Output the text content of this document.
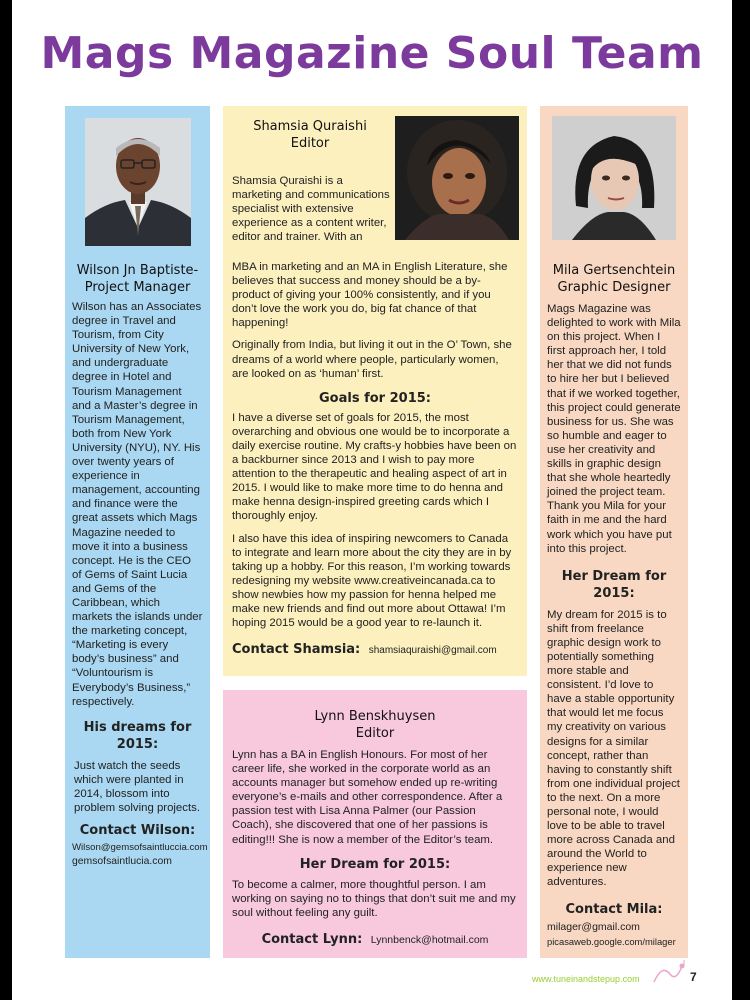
Mags Magazine Soul Team
Wilson Jn Baptiste-
Project Manager

Wilson has an Associates degree in Travel and Tourism, from City University of New York, and undergraduate degree in Hotel and Tourism Management and a Master’s degree in Tourism Management, both from New York University (NYU), NY. His over twenty years of experience in management, accounting and finance were the great assets which Mags Magazine needed to move it into a business concept. He is the CEO of Gems of Saint Lucia and Gems of the Caribbean, which markets the islands under the marketing concept, “Marketing is every body’s business” and “Voluntourism is Everybody’s Business,” respectively.

His dreams for 2015:

Just watch the seeds which were planted in 2014, blossom into problem solving projects.

Contact Wilson:
Wilson@gemsofsaintluccia.com
gemsofsaintlucia.com
Shamsia Quraishi
Editor

Shamsia Quraishi is a marketing and communications specialist with extensive experience as a content writer, editor and trainer. With an

MBA in marketing and an MA in English Literature, she believes that success and money should be a by-product of giving your 100% consistently, and if you don’t love the work you do, big fat chance of that happening!

Originally from India, but living it out in the O’ Town, she dreams of a world where people, particularly women, are looked on as ‘human’ first.

Goals for 2015:

I have a diverse set of goals for 2015, the most overarching and obvious one would be to incorporate a daily exercise routine. My crafts-y hobbies have been on a backburner since 2013 and I wish to pay more attention to the therapeutic and healing aspect of art in 2015. I would like to make more time to do henna and make henna design-inspired greeting cards which I thoroughly enjoy.

I also have this idea of inspiring newcomers to Canada to integrate and learn more about the city they are in by taking up a hobby. For this reason, I’m working towards redesigning my website www.creativeincanada.ca to show newbies how my passion for henna helped me make new friends and find out more about Ottawa! I’m hoping 2015 would be a good year to re-launch it.

Contact Shamsia: shamsiaquraishi@gmail.com
Lynn Benskhuysen
Editor

Lynn has a BA in English Honours. For most of her career life, she worked in the corporate world as an accounts manager but somehow ended up re-writing everyone’s e-mails and other correspondence. After a passion test with Lisa Anna Palmer (our Passion Coach), she discovered that one of her passions is editing!!! She is now a member of the Editor’s team.

Her Dream for 2015:

To become a calmer, more thoughtful person. I am working on saying no to things that don’t suit me and my soul without feeling any guilt.

Contact Lynn: Lynnbenck@hotmail.com
Mila Gertsenchtein
Graphic Designer

Mags Magazine was delighted to work with Mila on this project. When I first approach her, I told her that we did not funds to hire her but I believed that if we worked together, this project could generate business for us. She was so humble and eager to use her creativity and skills in graphic design that she whole heartedly joined the project team. Thank you Mila for your faith in me and the hard work which you have put into this project.

Her Dream for 2015:

My dream for 2015 is to shift from freelance graphic design work to potentially something more stable and consistent. I’d love to have a stable opportunity that would let me focus my creativity on various designs for a similar concept, rather than having to constantly shift from one individual project to the next. On a more personal note, I would love to be able to travel more across Canada and around the World to experience new adventures.

Contact Mila:
milager@gmail.com
picasaweb.google.com/milager
www.tuneinandstepup.com	7
